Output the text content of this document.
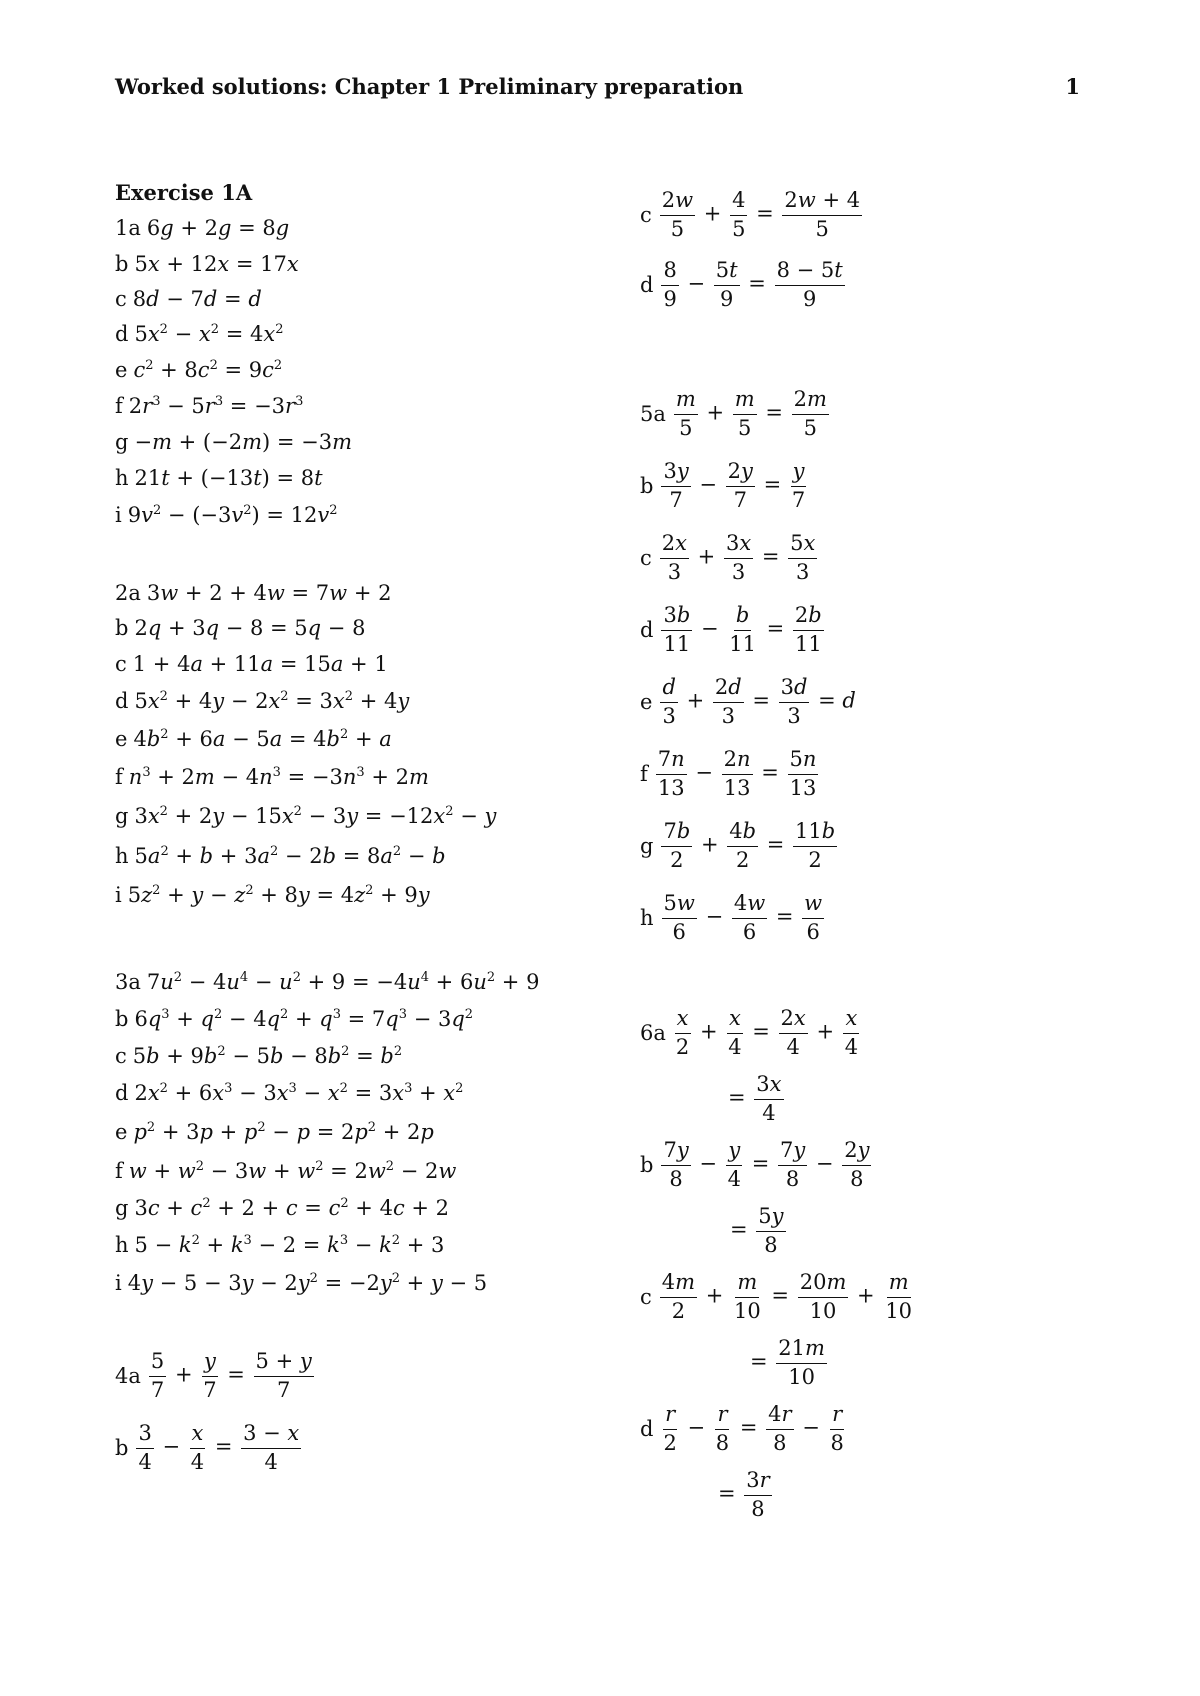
Worked solutions: Chapter 1 Preliminary preparation	1
Exercise 1A
1a 6g + 2g = 8g
b 5x + 12x = 17x
c 8d − 7d = d
d $5x^2 - x^2 = 4x^2$
e $c^2 + 8c^2 = 9c^2$
f $2r^3 - 5r^3 = -3r^3$
g −m + (−2m) = −3m
h 21t + (−13t) = 8t
i $9v^2 - (-3v^2) = 12v^2$
2a 3w + 2 + 4w = 7w + 2
b 2q + 3q − 8 = 5q − 8
c 1 + 4a + 11a = 15a + 1
d $5x^2 + 4y - 2x^2 = 3x^2 + 4y$
e $4b^2 + 6a - 5a = 4b^2 + a$
f $n^3 + 2m - 4n^3 = -3n^3 + 2m$
g $3x^2 + 2y - 15x^2 - 3y = -12x^2 - y$
h $5a^2 + b + 3a^2 - 2b = 8a^2 - b$
i $5z^2 + y - z^2 + 8y = 4z^2 + 9y$
3a $7u^2 - 4u^4 - u^2 + 9 = -4u^4 + 6u^2 + 9$
b $6q^3 + q^2 - 4q^2 + q^3 = 7q^3 - 3q^2$
c $5b + 9b^2 - 5b - 8b^2 = b^2$
d $2x^2 + 6x^3 - 3x^3 - x^2 = 3x^3 + x^2$
e $p^2 + 3p + p^2 - p = 2p^2 + 2p$
f $w + w^2 - 3w + w^2 = 2w^2 - 2w$
g $3c + c^2 + 2 + c = c^2 + 4c + 2$
h $5 - k^2 + k^3 - 2 = k^3 - k^2 + 3$
i $4y - 5 - 3y - 2y^2 = -2y^2 + y - 5$
$4a \frac{5}{7} + \frac{y}{7} = \frac{5 + y}{7}$
b $\frac{3}{4} - \frac{x}{4} = \frac{3 - x}{4}$
c $\frac{2w}{5} + \frac{4}{5} = \frac{2w + 4}{5}$
d $\frac{8}{9} - \frac{5t}{9} = \frac{8 - 5t}{9}$
$5a \frac{m}{5} + \frac{m}{5} = \frac{2m}{5}$
b $\frac{3y}{7} - \frac{2y}{7} = \frac{y}{7}$
c $\frac{2x}{3} + \frac{3x}{3} = \frac{5x}{3}$
d $\frac{3b}{11} - \frac{b}{11} = \frac{2b}{11}$
e $\frac{d}{3} + \frac{2d}{3} = \frac{3d}{3} = d$
f $\frac{7n}{13} - \frac{2n}{13} = \frac{5n}{13}$
g $\frac{7b}{2} + \frac{4b}{2} = \frac{11b}{2}$
h $\frac{5w}{6} - \frac{4w}{6} = \frac{w}{6}$
$6a \frac{x}{2} + \frac{x}{4} = \frac{2x}{4} + \frac{x}{4}$
= $\frac{3x}{4}$
b $\frac{7y}{8} - \frac{y}{4} = \frac{7y}{8} - \frac{2y}{8}$
= $\frac{5y}{8}$
c $\frac{4m}{2} + \frac{m}{10} = \frac{20m}{10} + \frac{m}{10}$
= $\frac{21m}{10}$
d $\frac{r}{2} - \frac{r}{8} = \frac{4r}{8} - \frac{r}{8}$
= $\frac{3r}{8}$
